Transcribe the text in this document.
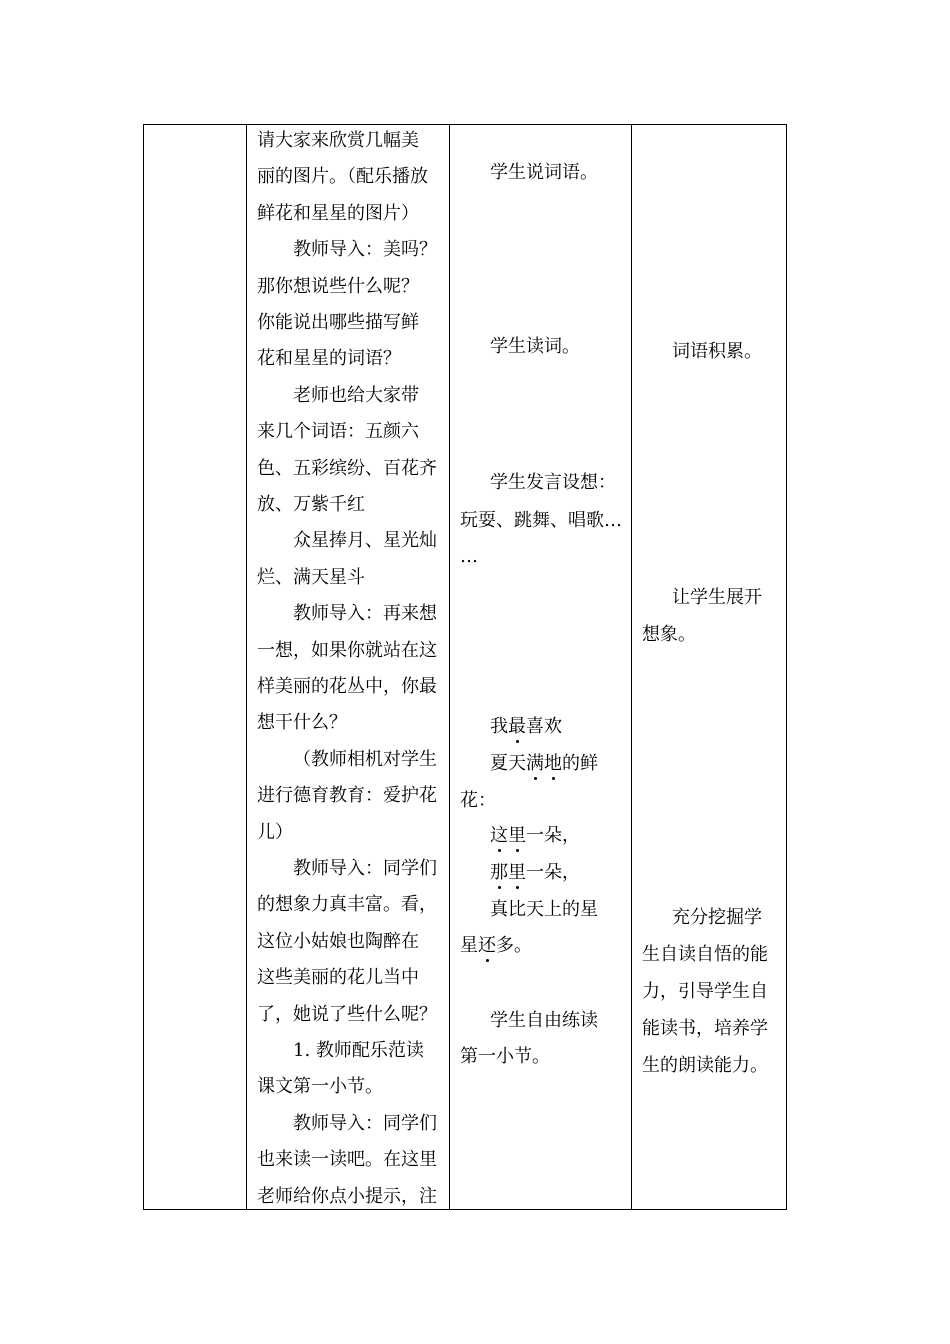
请大家来欣赏几幅美
丽的图片。（配乐播放
鲜花和星星的图片）
教师导入：美吗？
那你想说些什么呢？
你能说出哪些描写鲜
花和星星的词语？
老师也给大家带
来几个词语：五颜六
色、五彩缤纷、百花齐
放、万紫千红
众星捧月、星光灿
烂、满天星斗
教师导入：再来想
一想，如果你就站在这
样美丽的花丛中，你最
想干什么？
（教师相机对学生
进行德育教育：爱护花
儿）
教师导入：同学们
的想象力真丰富。看，
这位小姑娘也陶醉在
这些美丽的花儿当中
了，她说了些什么呢？
1. 教师配乐范读
课文第一小节。
教师导入：同学们
也来读一读吧。在这里
老师给你点小提示，注
学生说词语。
学生读词。
学生发言设想：
玩耍、跳舞、唱歌…
…
我最喜欢
夏天满地的鲜
花：
这里一朵，
那里一朵，
真比天上的星
星还多。
学生自由练读
第一小节。
词语积累。
让学生展开
想象。
充分挖掘学
生自读自悟的能
力，引导学生自
能读书，培养学
生的朗读能力。
